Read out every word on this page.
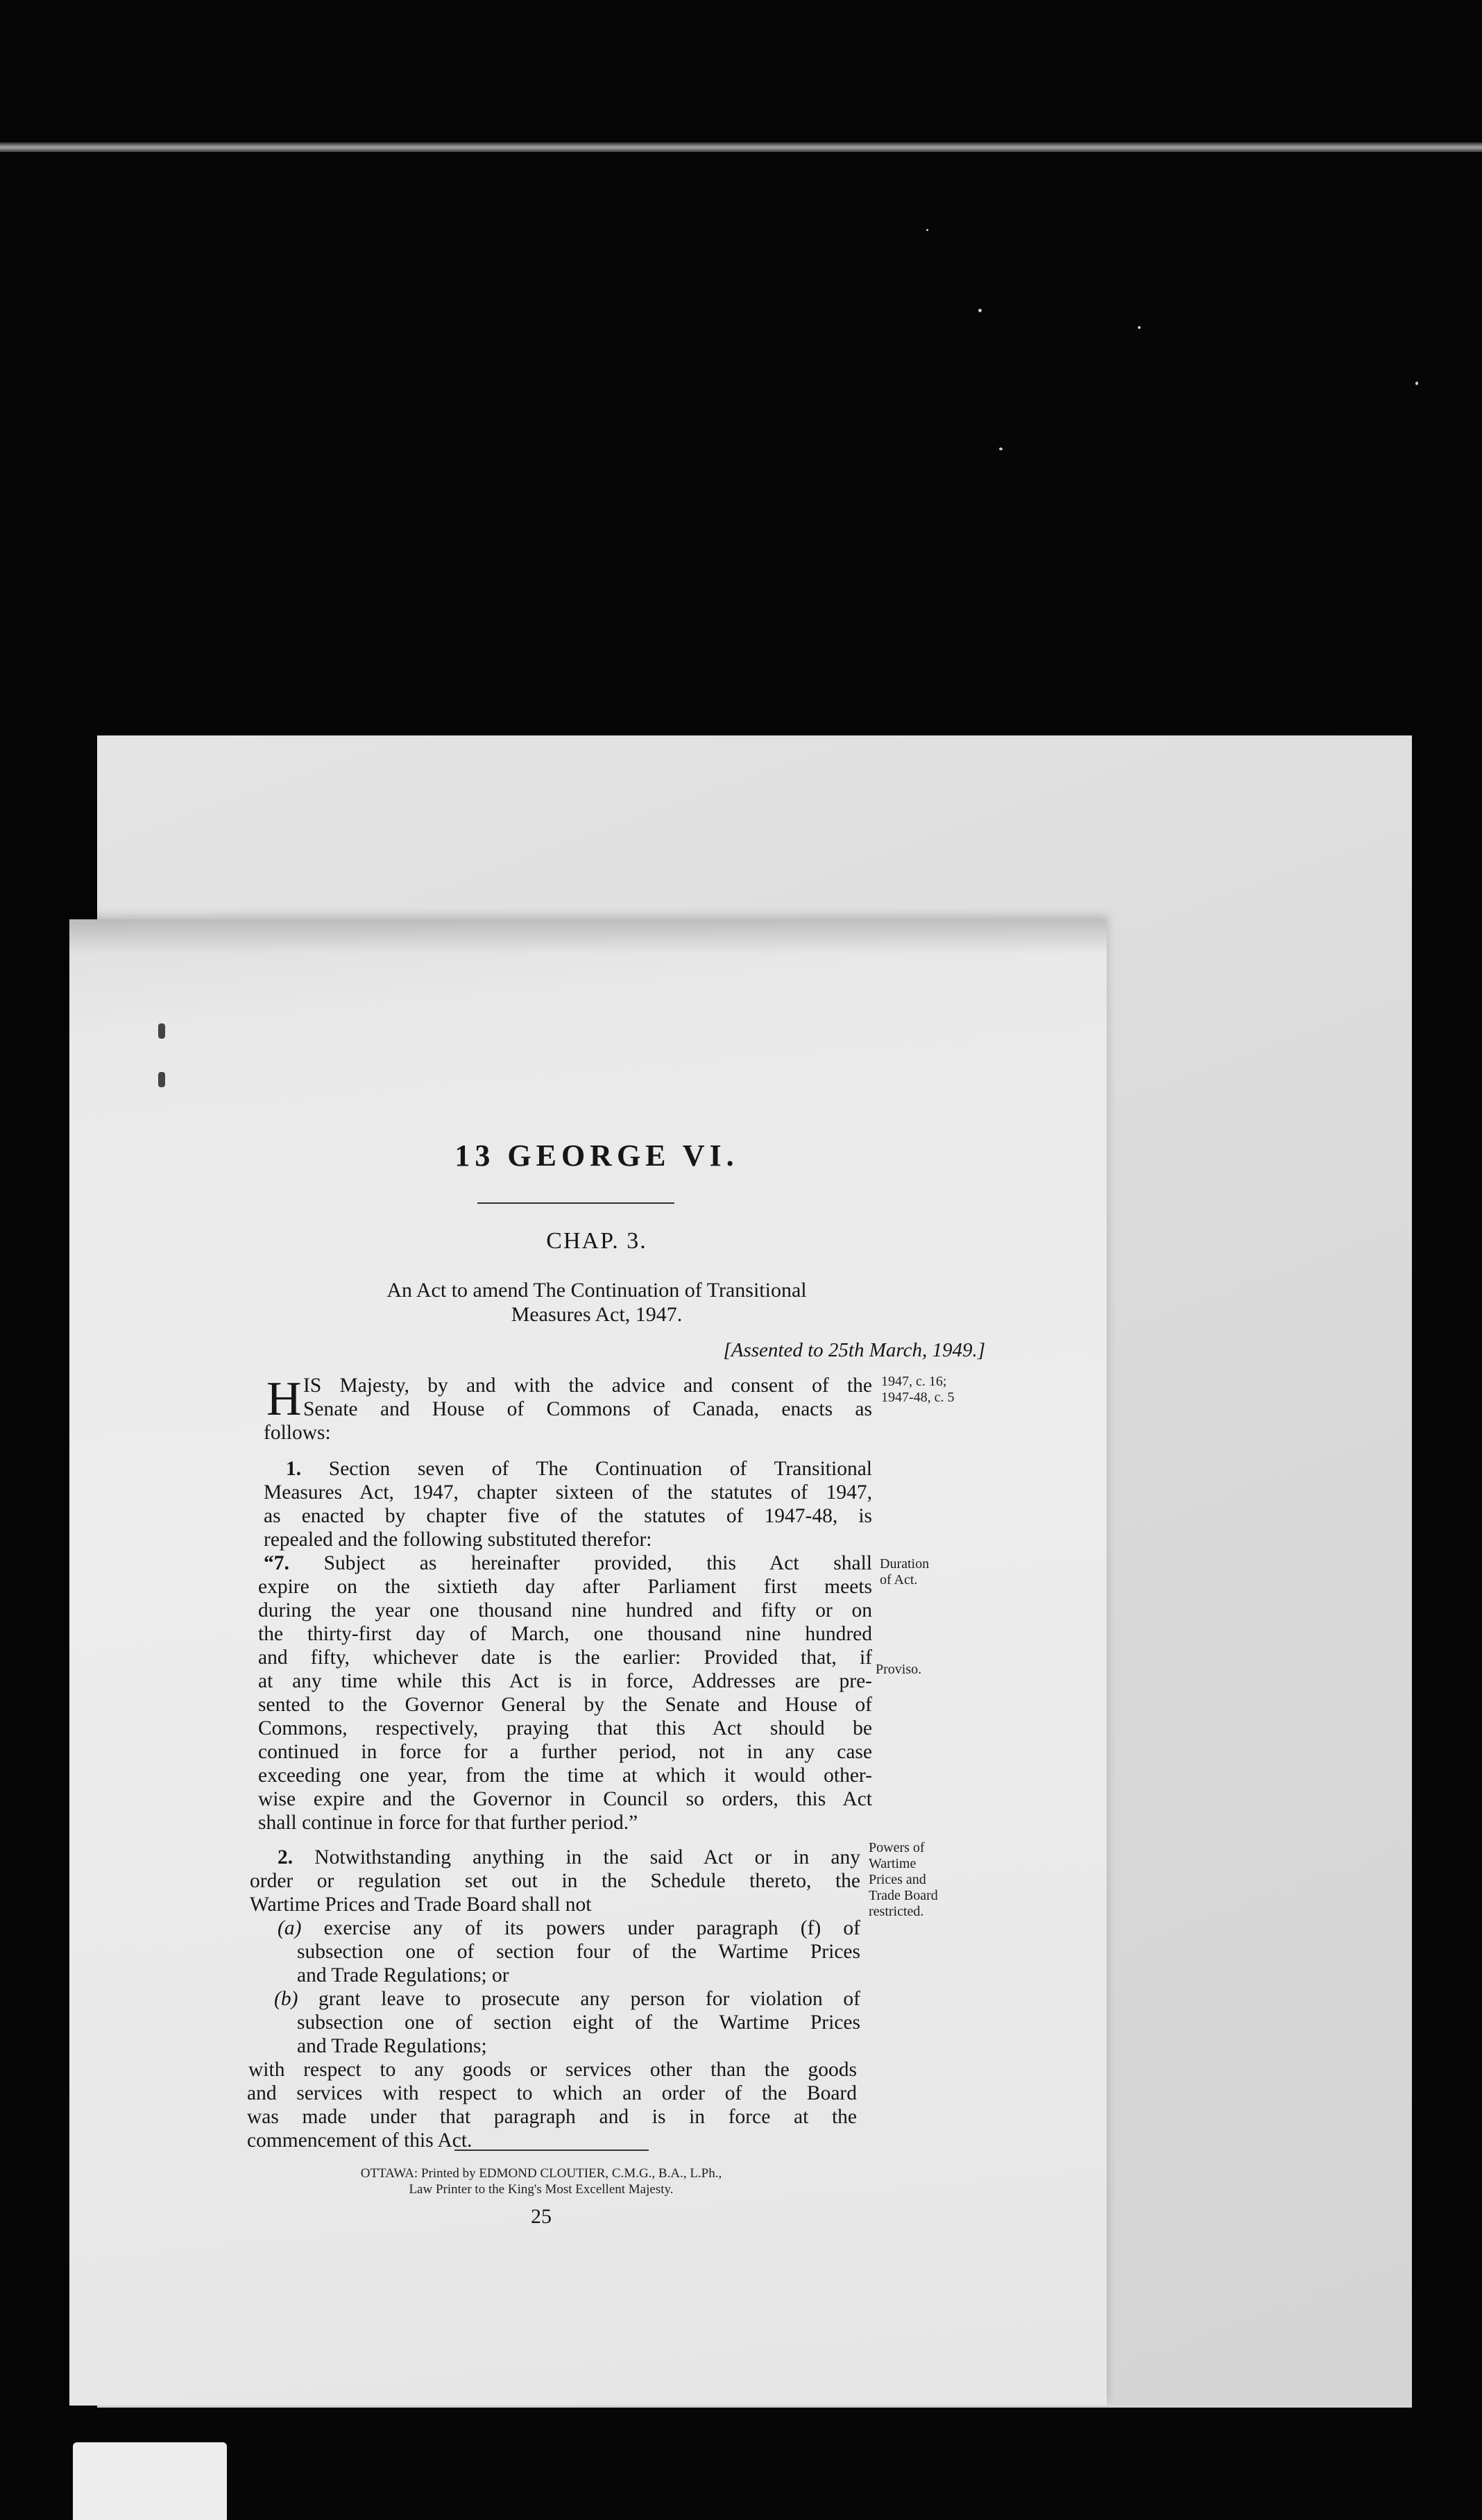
13 GEORGE VI.
CHAP. 3.
An Act to amend The Continuation of Transitional
Measures Act, 1947.
[Assented to 25th March, 1949.]
H IS Majesty, by and with the advice and consent of the
Senate and House of Commons of Canada, enacts as
follows:
1. Section seven of The Continuation of Transitional
Measures Act, 1947, chapter sixteen of the statutes of 1947,
as enacted by chapter five of the statutes of 1947-48, is
repealed and the following substituted therefor:
“7. Subject as hereinafter provided, this Act shall
expire on the sixtieth day after Parliament first meets
during the year one thousand nine hundred and fifty or on
the thirty-first day of March, one thousand nine hundred
and fifty, whichever date is the earlier: Provided that, if
at any time while this Act is in force, Addresses are pre-
sented to the Governor General by the Senate and House of
Commons, respectively, praying that this Act should be
continued in force for a further period, not in any case
exceeding one year, from the time at which it would other-
wise expire and the Governor in Council so orders, this Act
shall continue in force for that further period.”
2. Notwithstanding anything in the said Act or in any
order or regulation set out in the Schedule thereto, the
Wartime Prices and Trade Board shall not
(a) exercise any of its powers under paragraph (f) of
subsection one of section four of the Wartime Prices
and Trade Regulations; or
(b) grant leave to prosecute any person for violation of
subsection one of section eight of the Wartime Prices
and Trade Regulations;
with respect to any goods or services other than the goods
and services with respect to which an order of the Board
was made under that paragraph and is in force at the
commencement of this Act.
1947, c. 16;
1947-48, c. 5
Duration
of Act.
Proviso.
Powers of
Wartime
Prices and
Trade Board
restricted.
OTTAWA: Printed by EDMOND CLOUTIER, C.M.G., B.A., L.Ph.,
Law Printer to the King's Most Excellent Majesty.
25
